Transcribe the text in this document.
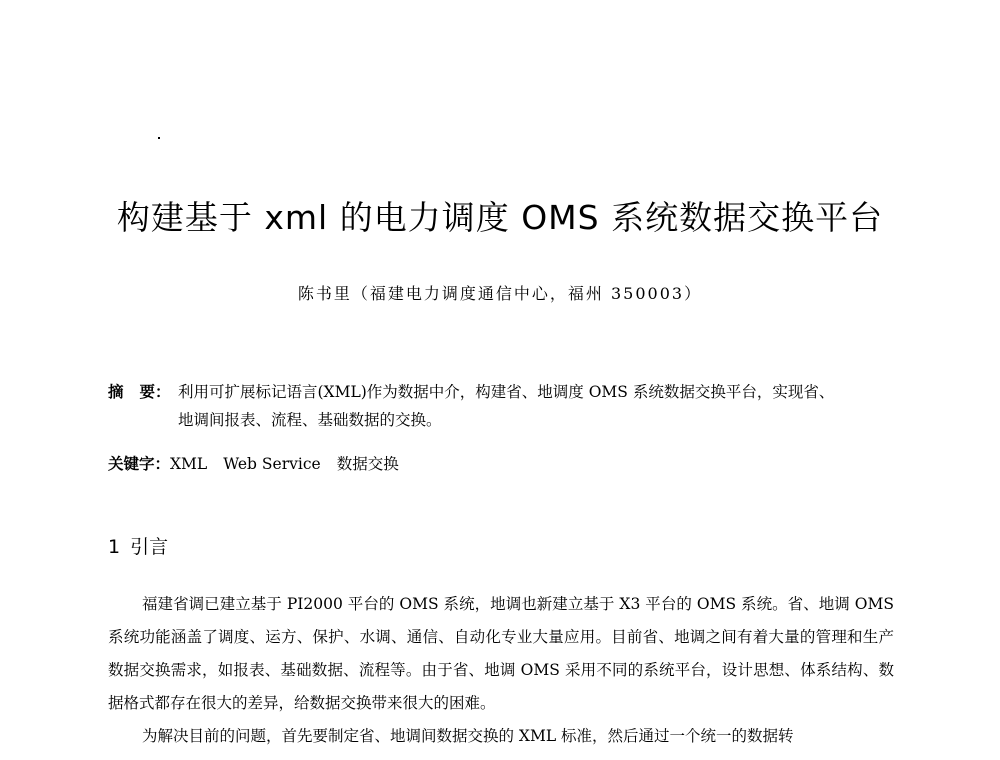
构建基于 xml 的电力调度 OMS 系统数据交换平台
陈书里（福建电力调度通信中心，福州 350003）
摘 要： 利用可扩展标记语言(XML)作为数据中介，构建省、地调度 OMS 系统数据交换平台，实现省、
地调间报表、流程、基础数据的交换。
关键字：XML Web Service 数据交换
1 引言

福建省调已建立基于 PI2000 平台的 OMS 系统，地调也新建立基于 X3 平台的 OMS 系统。省、地调 OMS 系统功能涵盖了调度、运方、保护、水调、通信、自动化专业大量应用。目前省、地调之间有着大量的管理和生产数据交换需求，如报表、基础数据、流程等。由于省、地调 OMS 采用不同的系统平台，设计思想、体系结构、数据格式都存在很大的差异，给数据交换带来很大的困难。

为解决目前的问题，首先要制定省、地调间数据交换的 XML 标准，然后通过一个统一的数据转
